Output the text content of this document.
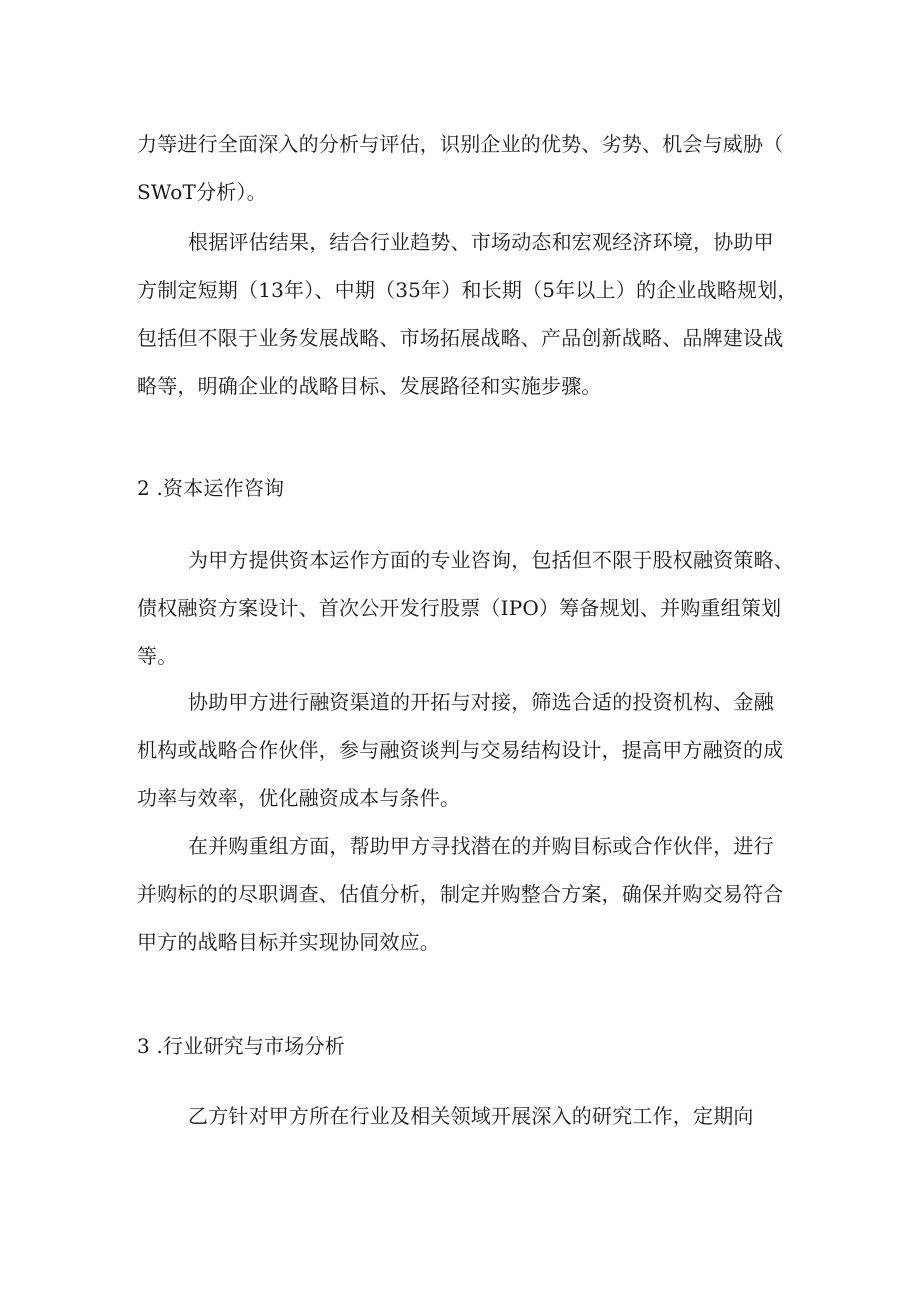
力等进行全面深入的分析与评估，识别企业的优势、劣势、机会与威胁（
SWoT分析）。
根据评估结果，结合行业趋势、市场动态和宏观经济环境，协助甲
方制定短期（13年）、中期（35年）和长期（5年以上）的企业战略规划，
包括但不限于业务发展战略、市场拓展战略、产品创新战略、品牌建设战
略等，明确企业的战略目标、发展路径和实施步骤。
2 .资本运作咨询
为甲方提供资本运作方面的专业咨询，包括但不限于股权融资策略、
债权融资方案设计、首次公开发行股票（IPO）筹备规划、并购重组策划
等。
协助甲方进行融资渠道的开拓与对接，筛选合适的投资机构、金融
机构或战略合作伙伴，参与融资谈判与交易结构设计，提高甲方融资的成
功率与效率，优化融资成本与条件。
在并购重组方面，帮助甲方寻找潜在的并购目标或合作伙伴，进行
并购标的的尽职调查、估值分析，制定并购整合方案，确保并购交易符合
甲方的战略目标并实现协同效应。
3 .行业研究与市场分析
乙方针对甲方所在行业及相关领域开展深入的研究工作，定期向
